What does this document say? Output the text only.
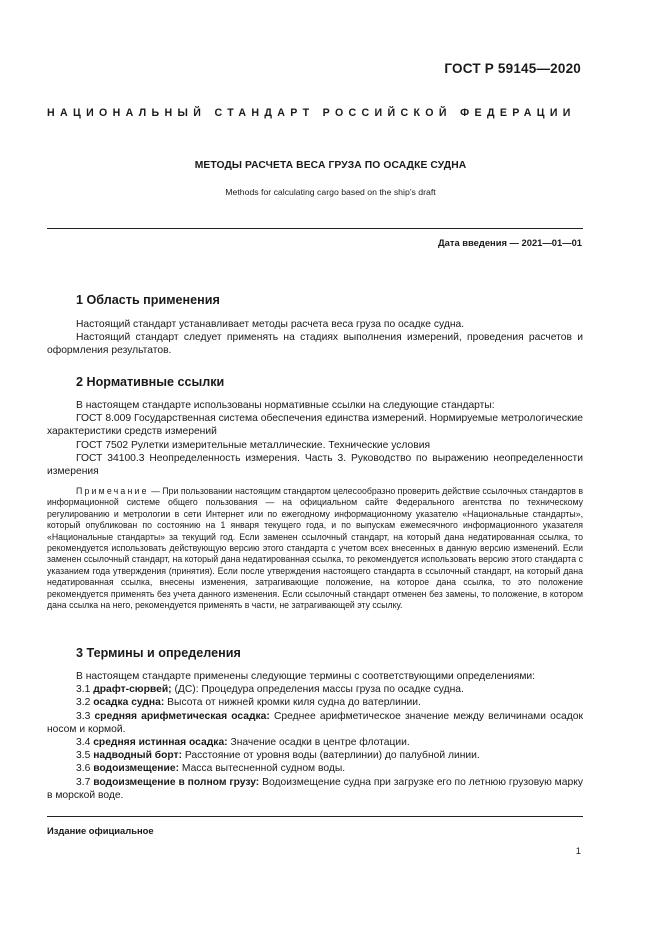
ГОСТ Р 59145—2020
НАЦИОНАЛЬНЫЙ СТАНДАРТ РОССИЙСКОЙ ФЕДЕРАЦИИ
МЕТОДЫ РАСЧЕТА ВЕСА ГРУЗА ПО ОСАДКЕ СУДНА
Methods for calculating cargo based on the ship’s draft
Дата введения — 2021—01—01
1 Область применения

Настоящий стандарт устанавливает методы расчета веса груза по осадке судна.

Настоящий стандарт следует применять на стадиях выполнения измерений, проведения расчетов и оформления результатов.

2 Нормативные ссылки

В настоящем стандарте использованы нормативные ссылки на следующие стандарты:

ГОСТ 8.009 Государственная система обеспечения единства измерений. Нормируемые метрологические характеристики средств измерений

ГОСТ 7502 Рулетки измерительные металлические. Технические условия

ГОСТ 34100.3 Неопределенность измерения. Часть 3. Руководство по выражению неопределенности измерения

Примечание — При пользовании настоящим стандартом целесообразно проверить действие ссылочных стандартов в информационной системе общего пользования — на официальном сайте Федерального агентства по техническому регулированию и метрологии в сети Интернет или по ежегодному информационному указателю «Национальные стандарты», который опубликован по состоянию на 1 января текущего года, и по выпускам ежемесячного информационного указателя «Национальные стандарты» за текущий год. Если заменен ссылочный стандарт, на который дана недатированная ссылка, то рекомендуется использовать действующую версию этого стандарта с учетом всех внесенных в данную версию изменений. Если заменен ссылочный стандарт, на который дана недатированная ссылка, то рекомендуется использовать версию этого стандарта с указанием года утверждения (принятия). Если после утверждения настоящего стандарта в ссылочный стандарт, на который дана недатированная ссылка, внесены изменения, затрагивающие положение, на которое дана ссылка, то это положение рекомендуется применять без учета данного изменения. Если ссылочный стандарт отменен без замены, то положение, в котором дана ссылка на него, рекомендуется применять в части, не затрагивающей эту ссылку.

3 Термины и определения

В настоящем стандарте применены следующие термины с соответствующими определениями:

3.1 драфт-сюрвей; (ДС): Процедура определения массы груза по осадке судна.

3.2 осадка судна: Высота от нижней кромки киля судна до ватерлинии.

3.3 средняя арифметическая осадка: Среднее арифметическое значение между величинами осадок носом и кормой.

3.4 средняя истинная осадка: Значение осадки в центре флотации.

3.5 надводный борт: Расстояние от уровня воды (ватерлинии) до палубной линии.

3.6 водоизмещение: Масса вытесненной судном воды.

3.7 водоизмещение в полном грузу: Водоизмещение судна при загрузке его по летнюю грузовую марку в морской воде.

Издание официальное
1
